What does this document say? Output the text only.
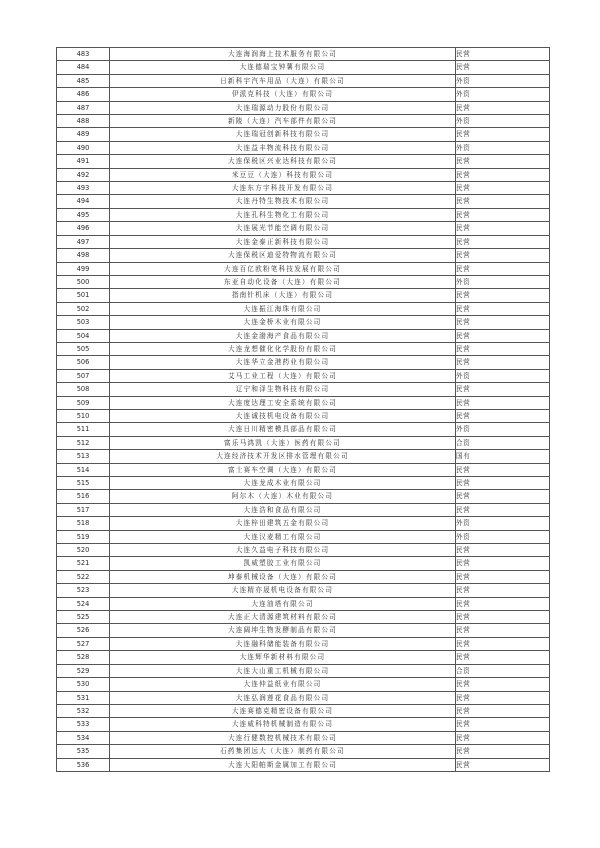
483	大连海润海上技术服务有限公司	民营
484	大连德瑞宝钟薯有限公司	民营
485	日新科宇汽车用品（大连）有限公司	外资
486	伊派克科技（大连）有限公司	外资
487	大连瑞源动力股份有限公司	民营
488	新陵（大连）汽车部件有限公司	外资
489	大连瑞冠创新科技有限公司	民营
490	大连益丰物流科技有限公司	外资
491	大连保税区兴业达科技有限公司	民营
492	米豆豆（大连）科技有限公司	民营
493	大连东方宇科技开发有限公司	民营
494	大连丹特生物技术有限公司	民营
495	大连孔科生物化工有限公司	民营
496	大连展光节能空调有限公司	民营
497	大连金泰正新科技有限公司	民营
498	大连保税区迪爱特物流有限公司	民营
499	大连百亿欧粉笔科技发展有限公司	民营
500	东亚自动化设备（大连）有限公司	外资
501	指南针机床（大连）有限公司	民营
502	大连振江海珠有限公司	民营
503	大连金桥木业有限公司	民营
504	大连金渤海产食品有限公司	民营
505	大连龙想催化化学股份有限公司	民营
506	大连华立金港药业有限公司	民营
507	艾马工业工程（大连）有限公司	外资
508	辽宁和泽生物科技有限公司	民营
509	大连度达理工安全系统有限公司	民营
510	大连诚技机电设备有限公司	民营
511	大连日川精密模具部品有限公司	外资
512	富乐马鸿凯（大连）医药有限公司	合资
513	大连经济技术开发区排水管理有限公司	国有
514	富士赛车空调（大连）有限公司	民营
515	大连龙成木业有限公司	民营
516	阿尔木（大连）木业有限公司	民营
517	大连浩和食品有限公司	民营
518	大连梓田建筑五金有限公司	外资
519	大连汉麦精工有限公司	外资
520	大连久益电子科技有限公司	民营
521	凯威塑胶工业有限公司	民营
522	坤泰机械设备（大连）有限公司	民营
523	大连精亦晟机电设备有限公司	民营
524	大连油塔有限公司	民营
525	大连正大清源建筑材料有限公司	民营
526	大连阔坤生物发酵制品有限公司	民营
527	大连融科储能装备有限公司	民营
528	大连辉华新材料有限公司	民营
529	大连大山重工机械有限公司	合资
530	大连仲益纸业有限公司	民营
531	大连弘润莲花食品有限公司	民营
532	大连赛德克精密设备有限公司	民营
533	大连威科特机械制造有限公司	民营
534	大连行健数控机械技术有限公司	民营
535	石药集团远大（大连）制药有限公司	民营
536	大连大阳帕斯金属加工有限公司	民营
